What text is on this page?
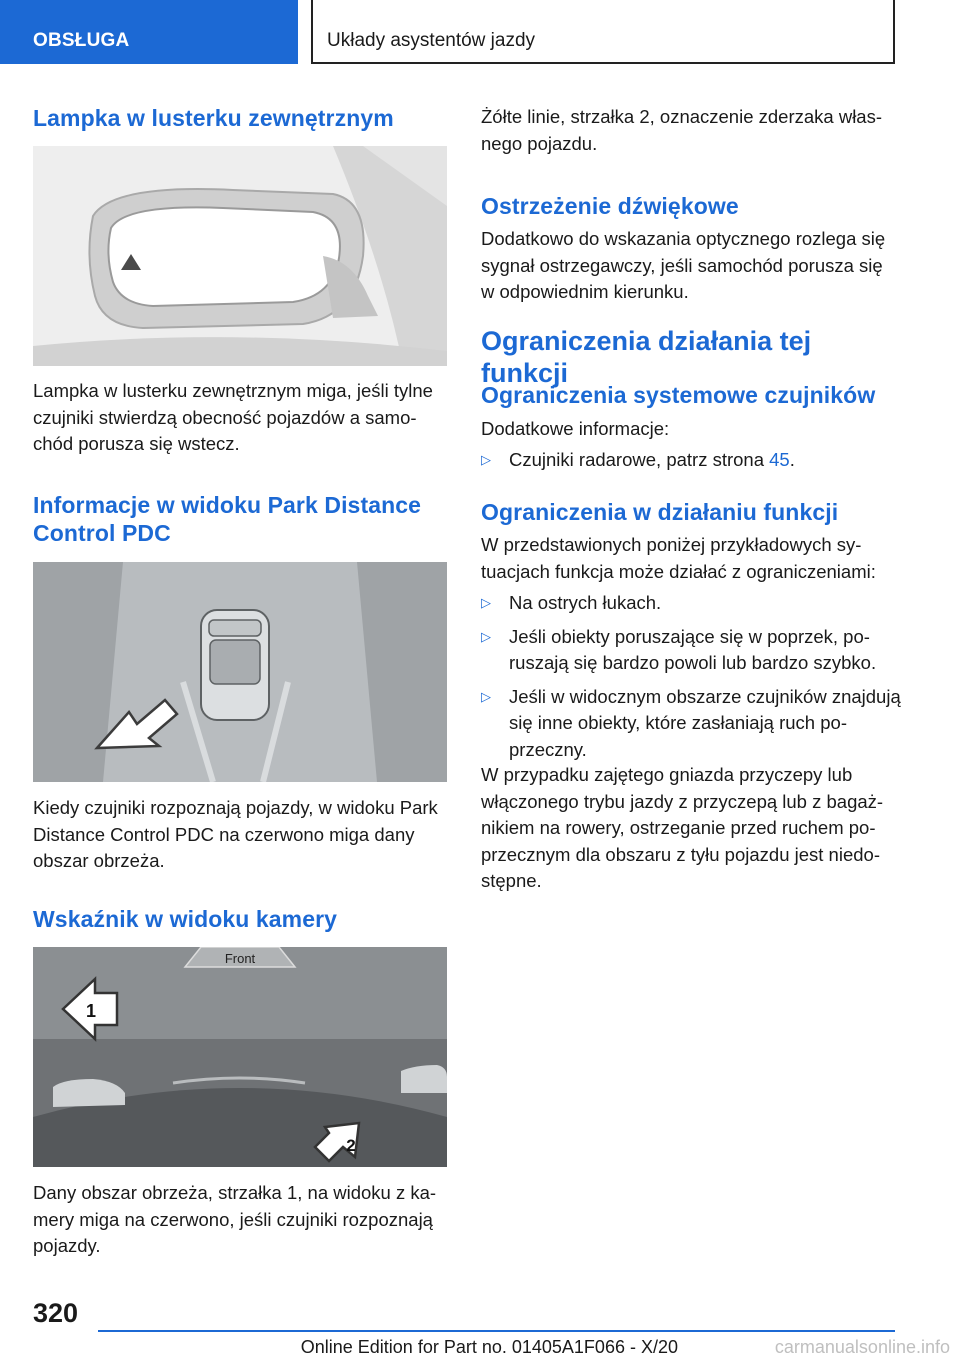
OBSŁUGA	Układy asystentów jazdy
Lampka w lusterku zewnętrznym

Lampka w lusterku zewnętrznym miga, jeśli tylne czujniki stwierdzą obecność pojazdów a samochód porusza się wstecz.

Informacje w widoku Park Distance Control PDC

Kiedy czujniki rozpoznają pojazdy, w widoku Park Distance Control PDC na czerwono miga dany obszar obrzeża.

Wskaźnik w widoku kamery
Front
1
2

Dany obszar obrzeża, strzałka 1, na widoku z kamery miga na czerwono, jeśli czujniki rozpoznają pojazdy.

Żółte linie, strzałka 2, oznaczenie zderzaka własnego pojazdu.

Ostrzeżenie dźwiękowe

Dodatkowo do wskazania optycznego rozlega się sygnał ostrzegawczy, jeśli samochód porusza się w odpowiednim kierunku.

Ograniczenia działania tej funkcji
Ograniczenia systemowe czujników

Dodatkowe informacje:

▷ Czujniki radarowe, patrz strona 45.
Ograniczenia w działaniu funkcji

W przedstawionych poniżej przykładowych sytuacjach funkcja może działać z ograniczeniami:

▷ Na ostrych łukach.
▷ Jeśli obiekty poruszające się w poprzek, poruszają się bardzo powoli lub bardzo szybko.
▷ Jeśli w widocznym obszarze czujników znajdują się inne obiekty, które zasłaniają ruch poprzeczny.

W przypadku zajętego gniazda przyczepy lub włączonego trybu jazdy z przyczepą lub z bagażnikiem na rowery, ostrzeganie przed ruchem poprzecznym dla obszaru z tyłu pojazdu jest niedostępne.

320
Online Edition for Part no. 01405A1F066 - X/20	carmanualsonline.info
